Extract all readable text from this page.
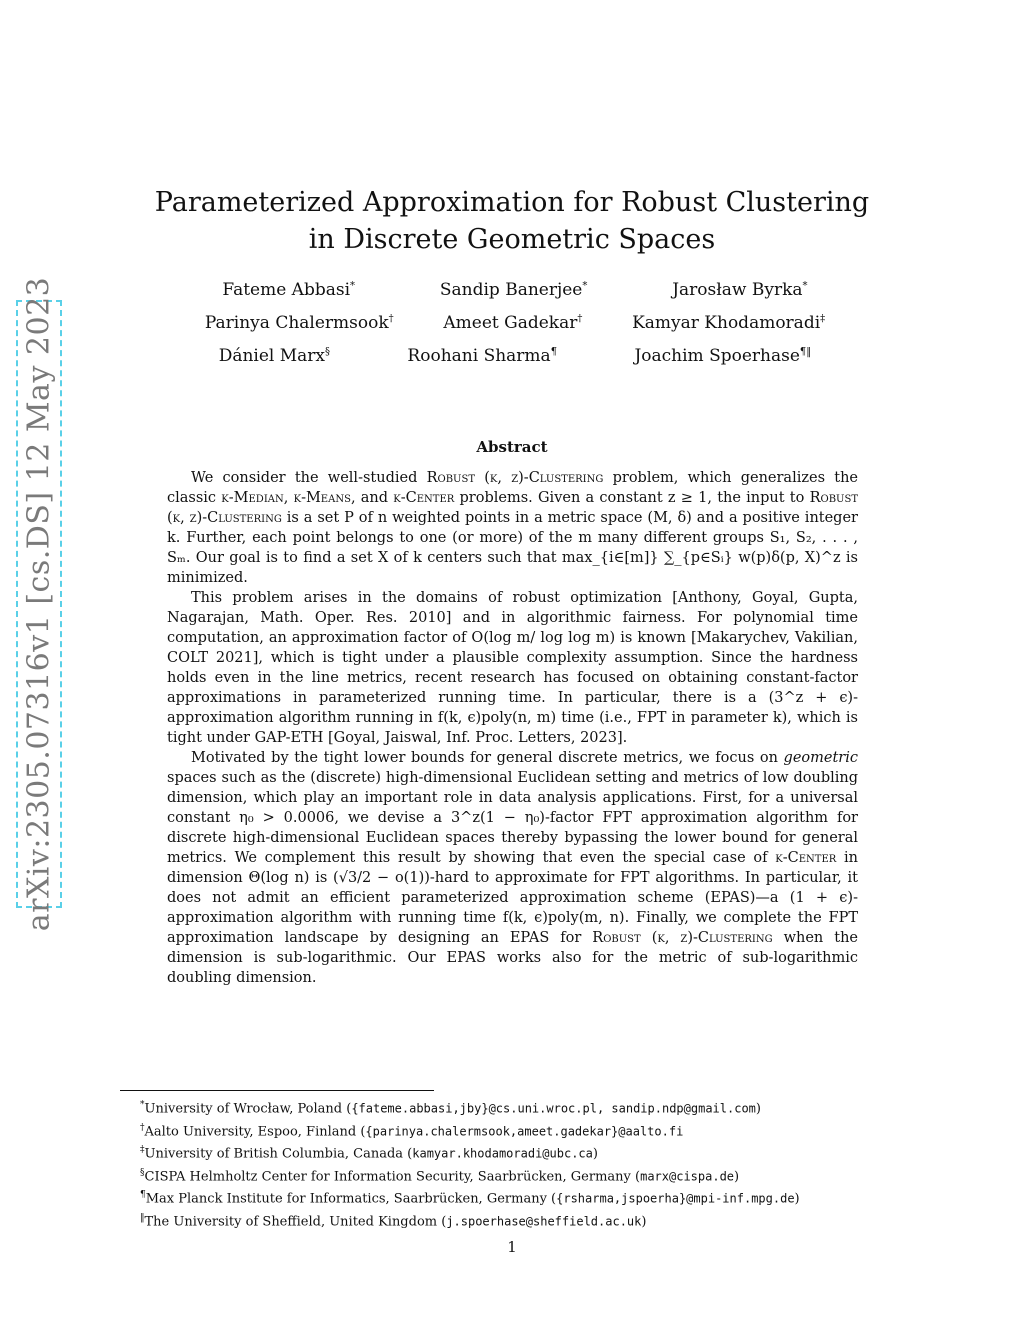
arXiv:2305.07316v1 [cs.DS] 12 May 2023
Parameterized Approximation for Robust Clustering
in Discrete Geometric Spaces
Fateme Abbasi*	Sandip Banerjee*	Jarosław Byrka*
Parinya Chalermsook†	Ameet Gadekar†	Kamyar Khodamoradi‡
Dániel Marx§	Roohani Sharma¶	Joachim Spoerhase¶‖
Abstract

We consider the well-studied Robust (k, z)-Clustering problem, which generalizes the classic k-Median, k-Means, and k-Center problems. Given a constant z ≥ 1, the input to Robust (k, z)-Clustering is a set P of n weighted points in a metric space (M, δ) and a positive integer k. Further, each point belongs to one (or more) of the m many different groups S₁, S₂, . . . , Sₘ. Our goal is to find a set X of k centers such that max_{i∈[m]} ∑_{p∈Sᵢ} w(p)δ(p, X)^z is minimized.

This problem arises in the domains of robust optimization [Anthony, Goyal, Gupta, Nagarajan, Math. Oper. Res. 2010] and in algorithmic fairness. For polynomial time computation, an approximation factor of O(log m/ log log m) is known [Makarychev, Vakilian, COLT 2021], which is tight under a plausible complexity assumption. Since the hardness holds even in the line metrics, recent research has focused on obtaining constant-factor approximations in parameterized running time. In particular, there is a (3^z + ϵ)-approximation algorithm running in f(k, ϵ)poly(n, m) time (i.e., FPT in parameter k), which is tight under GAP-ETH [Goyal, Jaiswal, Inf. Proc. Letters, 2023].

Motivated by the tight lower bounds for general discrete metrics, we focus on geometric spaces such as the (discrete) high-dimensional Euclidean setting and metrics of low doubling dimension, which play an important role in data analysis applications. First, for a universal constant η₀ > 0.0006, we devise a 3^z(1 − η₀)-factor FPT approximation algorithm for discrete high-dimensional Euclidean spaces thereby bypassing the lower bound for general metrics. We complement this result by showing that even the special case of k-Center in dimension Θ(log n) is (√3/2 − o(1))-hard to approximate for FPT algorithms. In particular, it does not admit an efficient parameterized approximation scheme (EPAS)—a (1 + ϵ)-approximation algorithm with running time f(k, ϵ)poly(m, n). Finally, we complete the FPT approximation landscape by designing an EPAS for Robust (k, z)-Clustering when the dimension is sub-logarithmic. Our EPAS works also for the metric of sub-logarithmic doubling dimension.

*University of Wrocław, Poland ({fateme.abbasi,jby}@cs.uni.wroc.pl, sandip.ndp@gmail.com)
†Aalto University, Espoo, Finland ({parinya.chalermsook,ameet.gadekar}@aalto.fi
‡University of British Columbia, Canada (kamyar.khodamoradi@ubc.ca)
§CISPA Helmholtz Center for Information Security, Saarbrücken, Germany (marx@cispa.de)
¶Max Planck Institute for Informatics, Saarbrücken, Germany ({rsharma,jspoerha}@mpi-inf.mpg.de)
‖The University of Sheffield, United Kingdom (j.spoerhase@sheffield.ac.uk)
1
